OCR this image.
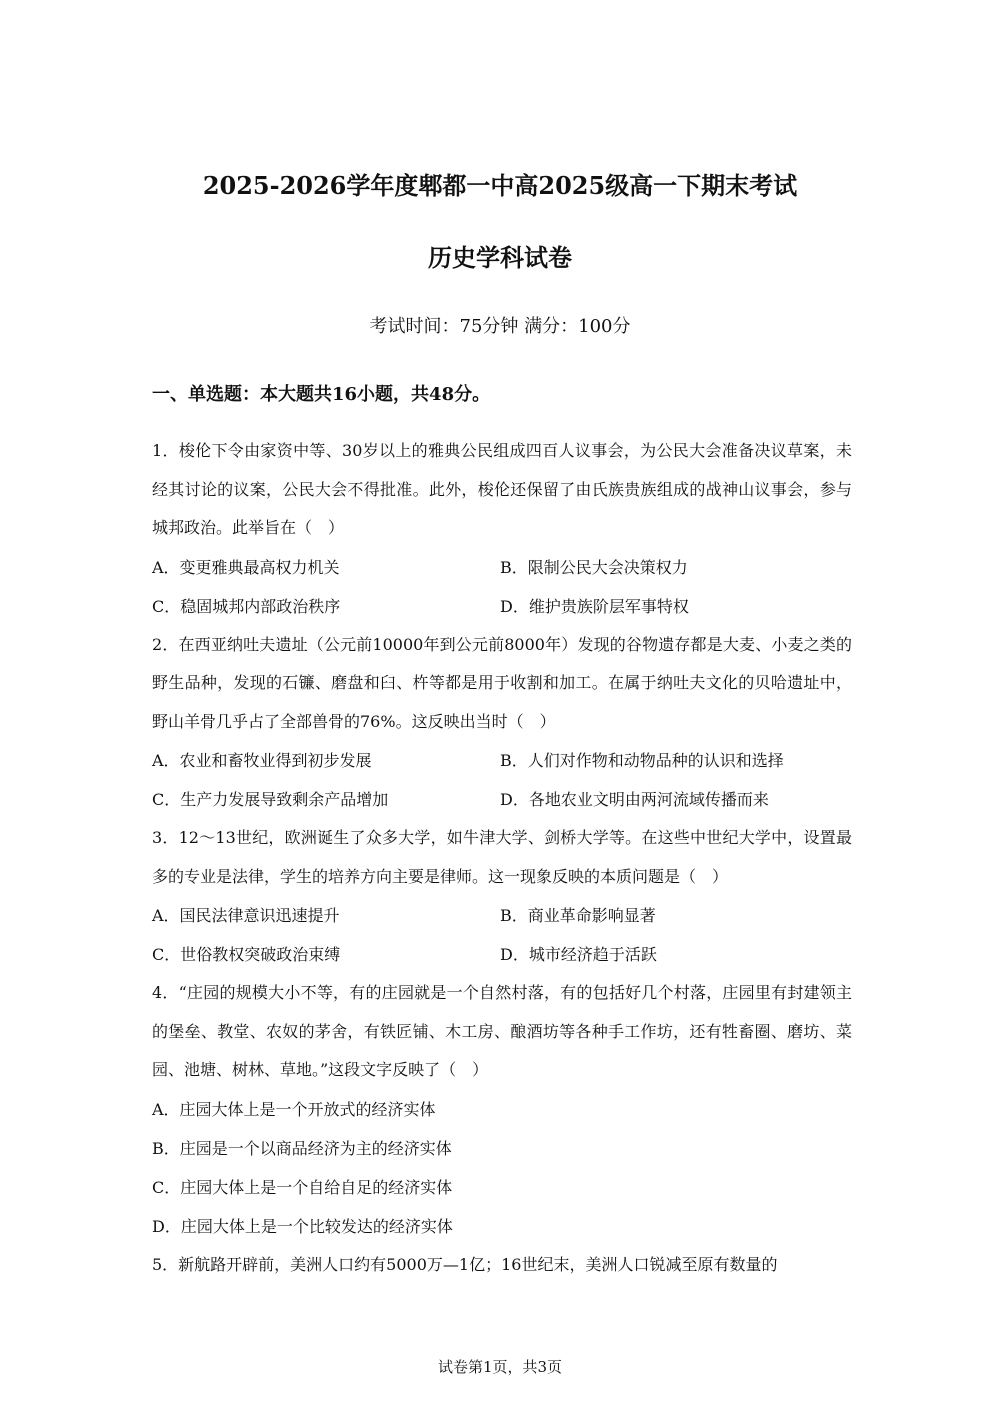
2025-2026学年度郫都一中高2025级高一下期末考试
历史学科试卷
考试时间：75分钟 满分：100分
一、单选题：本大题共16小题，共48分。

1．梭伦下令由家资中等、30岁以上的雅典公民组成四百人议事会，为公民大会准备决议草案，未经其讨论的议案，公民大会不得批准。此外，梭伦还保留了由氏族贵族组成的战神山议事会，参与城邦政治。此举旨在（　）

A．变更雅典最高权力机关	B．限制公民大会决策权力
C．稳固城邦内部政治秩序	D．维护贵族阶层军事特权

2．在西亚纳吐夫遗址（公元前10000年到公元前8000年）发现的谷物遗存都是大麦、小麦之类的野生品种，发现的石镰、磨盘和臼、杵等都是用于收割和加工。在属于纳吐夫文化的贝哈遗址中，野山羊骨几乎占了全部兽骨的76%。这反映出当时（　）

A．农业和畜牧业得到初步发展	B．人们对作物和动物品种的认识和选择
C．生产力发展导致剩余产品增加	D．各地农业文明由两河流域传播而来

3．12～13世纪，欧洲诞生了众多大学，如牛津大学、剑桥大学等。在这些中世纪大学中，设置最多的专业是法律，学生的培养方向主要是律师。这一现象反映的本质问题是（　）

A．国民法律意识迅速提升	B．商业革命影响显著
C．世俗教权突破政治束缚	D．城市经济趋于活跃

4．“庄园的规模大小不等，有的庄园就是一个自然村落，有的包括好几个村落，庄园里有封建领主的堡垒、教堂、农奴的茅舍，有铁匠铺、木工房、酿酒坊等各种手工作坊，还有牲畜圈、磨坊、菜园、池塘、树林、草地。”这段文字反映了（　）

A．庄园大体上是一个开放式的经济实体
B．庄园是一个以商品经济为主的经济实体
C．庄园大体上是一个自给自足的经济实体
D．庄园大体上是一个比较发达的经济实体

5．新航路开辟前，美洲人口约有5000万—1亿；16世纪末，美洲人口锐减至原有数量的

试卷第1页，共3页
